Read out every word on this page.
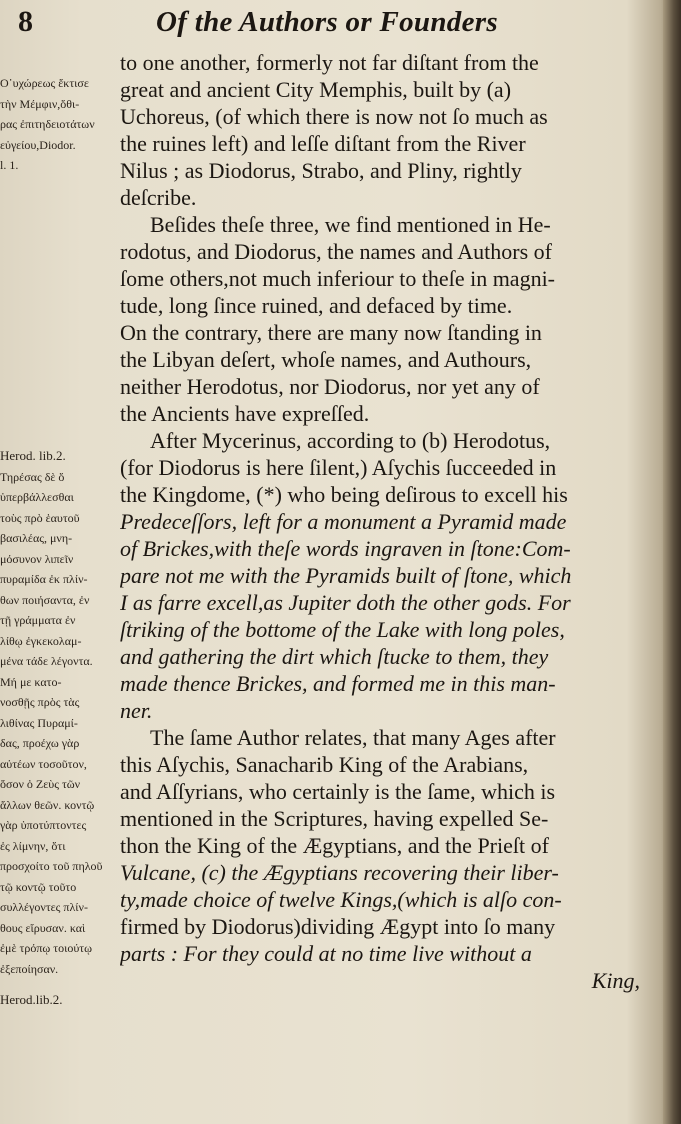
8	Of the Authors or Founders
to one another, formerly not far diſtant from the
great and ancient City Memphis, built by (a)
Uchoreus, (of which there is now not ſo much as
the ruines left) and leſſe diſtant from the River
Nilus ; as Diodorus, Strabo, and Pliny, rightly
deſcribe.
Beſides theſe three, we find mentioned in He-
rodotus, and Diodorus, the names and Authors of
ſome others,not much inferiour to theſe in magni-
tude, long ſince ruined, and defaced by time.
On the contrary, there are many now ſtanding in
the Libyan deſert, whoſe names, and Authours,
neither Herodotus, nor Diodorus, nor yet any of
the Ancients have expreſſed.
After Mycerinus, according to (b) Herodotus,
(for Diodorus is here ſilent,) Aſychis ſucceeded in
the Kingdome, (*) who being deſirous to excell his
Predeceſſors, left for a monument a Pyramid made
of Brickes,with theſe words ingraven in ſtone:Com-
pare not me with the Pyramids built of ſtone, which
I as farre excell,as Jupiter doth the other gods. For
ſtriking of the bottome of the Lake with long poles,
and gathering the dirt which ſtucke to them, they
made thence Brickes, and formed me in this man-
ner.
The ſame Author relates, that many Ages after
this Aſychis, Sanacharib King of the Arabians,
and Aſſyrians, who certainly is the ſame, which is
mentioned in the Scriptures, having expelled Se-
thon the King of the Ægyptians, and the Prieſt of
Vulcane, (c) the Ægyptians recovering their liber-
ty,made choice of twelve Kings,(which is alſo con-
firmed by Diodorus)dividing Ægypt into ſo many
parts : For they could at no time live without a
King,
Ο᾽υχώρεως ἔκτισε
τὴν Μέμφιν,ὅθι-
ρας ἐπιτηδειοτάτων
εὐγείου,Diodor.
l. 1.
Herod. lib.2.
Τηρέσας δὲ ὅ
ὑπερβάλλεσθαι
τοὺς πρὸ ἑαυτοῦ
βασιλέας, μνη-
μόσυνον λιπεῖν
πυραμίδα ἐκ πλίν-
θων ποιήσαντα, ἐν
τῇ γράμματα ἐν
λίθῳ ἐγκεκολαμ-
μένα τάδε λέγοντα.
Μή με κατο-
νοσθῇς πρὸς τὰς
λιθίνας Πυραμί-
δας, προέχω γὰρ
αὐτέων τοσοῦτον,
ὅσον ὁ Ζεὺς τῶν
ἄλλων θεῶν. κοντῷ
γὰρ ὑποτύπτοντες
ἐς λίμνην, ὅτι
προσχοίτο τοῦ πηλοῦ
τῷ κοντῷ τοῦτο
συλλέγοντες πλίν-
θους εἴρυσαν. καὶ
ἐμὲ τρόπῳ τοιούτῳ
ἐξεποίησαν.
Herod.lib.2.
